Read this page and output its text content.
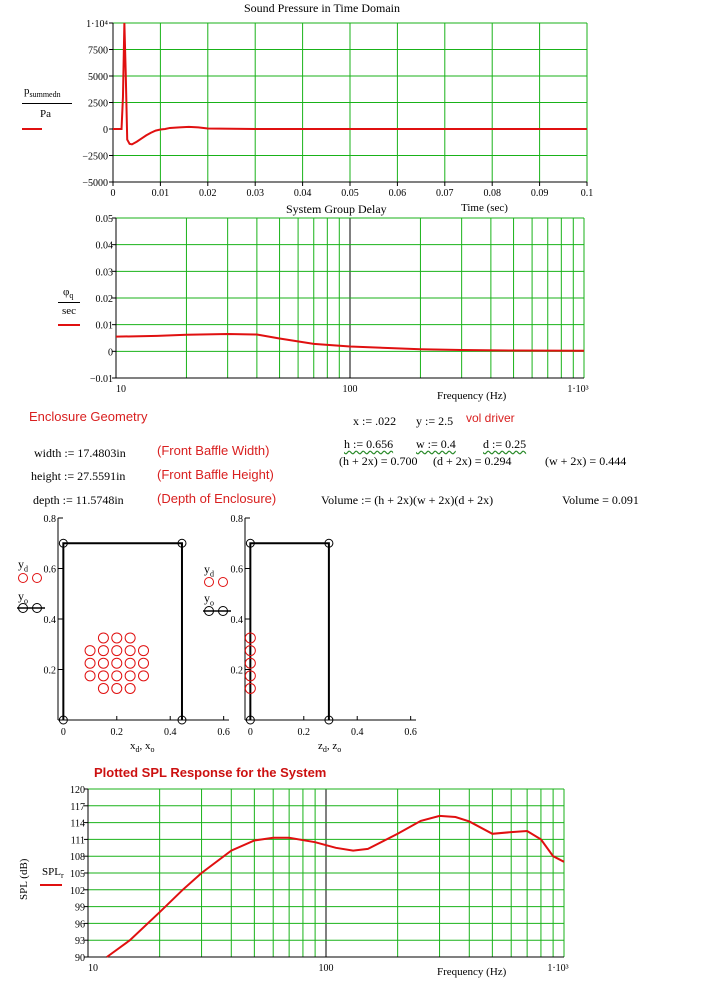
Sound Pressure in Time Domain
$p_{summedn}$
Pa
1·10⁴
7500
5000
2500
0
−2500
−5000
0	0.01	0.02	0.03	0.04	0.05	0.06	0.07	0.08	0.09	0.1
Time (sec)
System Group Delay
$\varphi_q$
sec
0.05
0.04
0.03
0.02
0.01
0
−0.01
10	100	1·10³
Frequency (Hz)
Enclosure Geometry	x := .022 y := 2.5 vol driver
h := 0.656 w := 0.4 d := 0.25
(h + 2x) = 0.700 (d + 2x) = 0.294	(w + 2x) = 0.444
width := 17.4803in (Front Baffle Width)
height := 27.5591in (Front Baffle Height)
depth := 11.5748in	(Depth of Enclosure)	Volume := (h + 2x)(w + 2x)(d + 2x)	Volume = 0.091
0.8
0.6
0.4
0.2
0	0.2	0.4	0.6
0.8
0.6
0.4
0.2
0	0.2	0.4	0.6
$x_d$, $x_o$	$z_d$, $z_o$
$y_d$
$y_o$
$y_d$
$y_o$
Plotted SPL Response for the System
SPL (dB) $SPL_r$
120
117
114
111
108
105
102
99
96
93
90
10	100	1·10³
Frequency (Hz)
